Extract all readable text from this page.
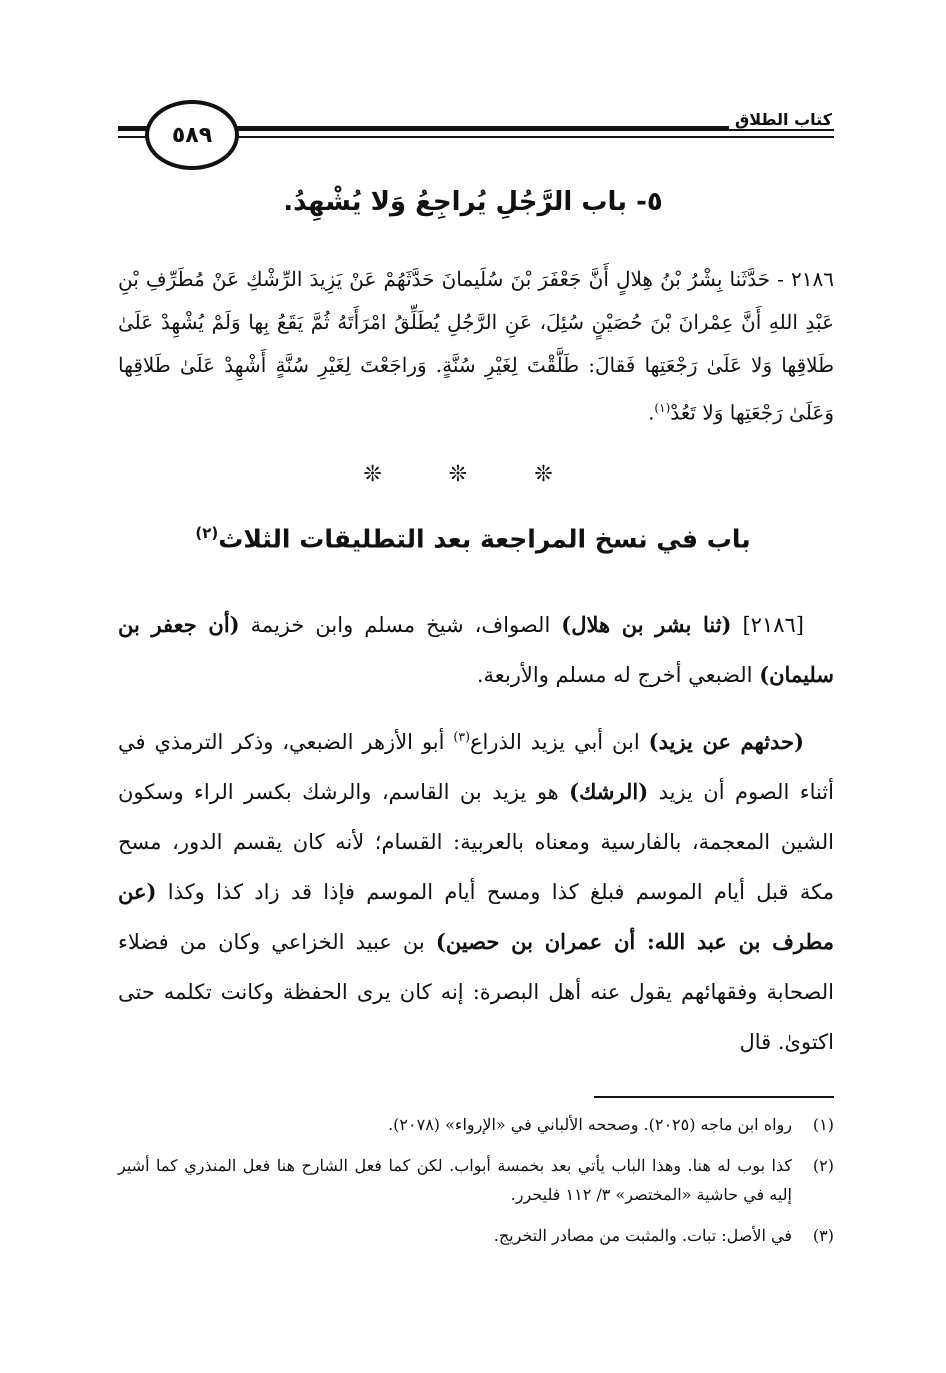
كتاب الطلاق
٥٨٩
٥- باب الرَّجُلِ يُراجِعُ وَلا يُشْهِدُ.
٢١٨٦ - حَدَّثَنا بِشْرُ بْنُ هِلالٍ أَنَّ جَعْفَرَ بْنَ سُلَيمانَ حَدَّثَهُمْ عَنْ يَزِيدَ الرِّشْكِ عَنْ مُطَرِّفِ بْنِ عَبْدِ اللهِ أَنَّ عِمْرانَ بْنَ حُصَيْنٍ سُئِلَ، عَنِ الرَّجُلِ يُطَلِّقُ امْرَأَتَهُ ثُمَّ يَقَعُ بِها وَلَمْ يُشْهِدْ عَلَىٰ طَلاقِها وَلا عَلَىٰ رَجْعَتِها فَقالَ: طَلَّقْتَ لِغَيْرِ سُنَّةٍ. وَراجَعْتَ لِغَيْرِ سُنَّةٍ أَشْهِدْ عَلَىٰ طَلاقِها وَعَلَىٰ رَجْعَتِها وَلا تَعُدْ$^{(١)}$.
❊ ❊ ❊
باب في نسخ المراجعة بعد التطليقات الثلاث$^{(٢)}$

[٢١٨٦] (ثنا بشر بن هلال) الصواف، شيخ مسلم وابن خزيمة (أن جعفر بن سليمان) الضبعي أخرج له مسلم والأربعة.

(حدثهم عن يزيد) ابن أبي يزيد الذراع$^{(٣)}$ أبو الأزهر الضبعي، وذكر الترمذي في أثناء الصوم أن يزيد (الرشك) هو يزيد بن القاسم، والرشك بكسر الراء وسكون الشين المعجمة، بالفارسية ومعناه بالعربية: القسام؛ لأنه كان يقسم الدور، مسح مكة قبل أيام الموسم فبلغ كذا ومسح أيام الموسم فإذا قد زاد كذا وكذا (عن مطرف بن عبد الله: أن عمران بن حصين) بن عبيد الخزاعي وكان من فضلاء الصحابة وفقهائهم يقول عنه أهل البصرة: إنه كان يرى الحفظة وكانت تكلمه حتى اكتوىٰ. قال

(١)
رواه ابن ماجه (٢٠٢٥). وصححه الألباني في «الإرواء» (٢٠٧٨).
(٢)
كذا بوب له هنا. وهذا الباب يأتي بعد بخمسة أبواب. لكن كما فعل الشارح هنا فعل المنذري كما أشير إليه في حاشية «المختصر» ٣/ ١١٢ فليحرر.
(٣)
في الأصل: تبات. والمثبت من مصادر التخريج.
